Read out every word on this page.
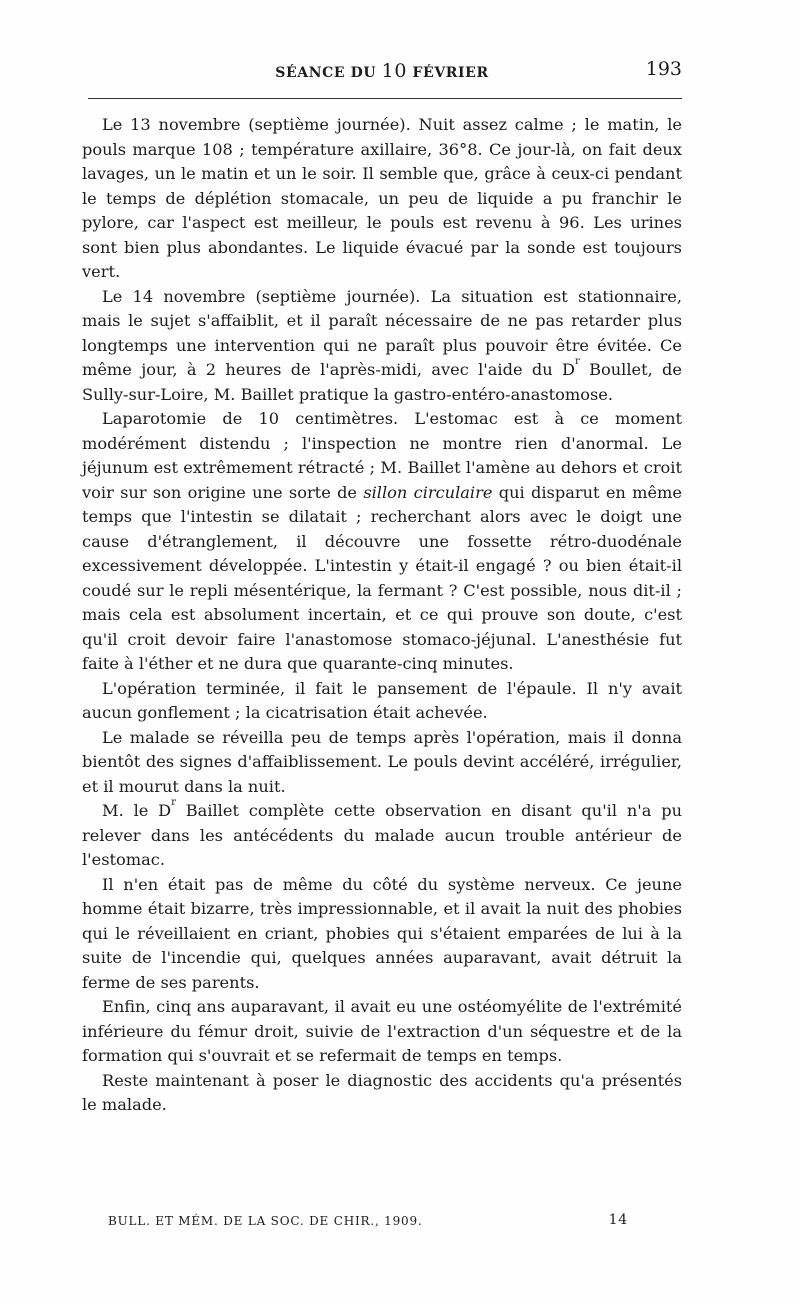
SÉANCE DU 10 FÉVRIER	193

Le 13 novembre (septième journée). Nuit assez calme ; le matin, le pouls marque 108 ; température axillaire, 36°8. Ce jour-là, on fait deux lavages, un le matin et un le soir. Il semble que, grâce à ceux-ci pendant le temps de déplétion stomacale, un peu de liquide a pu franchir le pylore, car l'aspect est meilleur, le pouls est revenu à 96. Les urines sont bien plus abondantes. Le liquide évacué par la sonde est toujours vert.

Le 14 novembre (septième journée). La situation est stationnaire, mais le sujet s'affaiblit, et il paraît nécessaire de ne pas retarder plus longtemps une intervention qui ne paraît plus pouvoir être évitée. Ce même jour, à 2 heures de l'après-midi, avec l'aide du $D^r$ Boullet, de Sully-sur-Loire, M. Baillet pratique la gastro-entéro-anastomose.

Laparotomie de 10 centimètres. L'estomac est à ce moment modérément distendu ; l'inspection ne montre rien d'anormal. Le jéjunum est extrêmement rétracté ; M. Baillet l'amène au dehors et croit voir sur son origine une sorte de sillon circulaire qui disparut en même temps que l'intestin se dilatait ; recherchant alors avec le doigt une cause d'étranglement, il découvre une fossette rétro-duodénale excessivement développée. L'intestin y était-il engagé ? ou bien était-il coudé sur le repli mésentérique, la fermant ? C'est possible, nous dit-il ; mais cela est absolument incertain, et ce qui prouve son doute, c'est qu'il croit devoir faire l'anastomose stomaco-jéjunal. L'anesthésie fut faite à l'éther et ne dura que quarante-cinq minutes.

L'opération terminée, il fait le pansement de l'épaule. Il n'y avait aucun gonflement ; la cicatrisation était achevée.

Le malade se réveilla peu de temps après l'opération, mais il donna bientôt des signes d'affaiblissement. Le pouls devint accéléré, irrégulier, et il mourut dans la nuit.

M. le $D^r$ Baillet complète cette observation en disant qu'il n'a pu relever dans les antécédents du malade aucun trouble antérieur de l'estomac.

Il n'en était pas de même du côté du système nerveux. Ce jeune homme était bizarre, très impressionnable, et il avait la nuit des phobies qui le réveillaient en criant, phobies qui s'étaient emparées de lui à la suite de l'incendie qui, quelques années auparavant, avait détruit la ferme de ses parents.

Enfin, cinq ans auparavant, il avait eu une ostéomyélite de l'extrémité inférieure du fémur droit, suivie de l'extraction d'un séquestre et de la formation qui s'ouvrait et se refermait de temps en temps.

Reste maintenant à poser le diagnostic des accidents qu'a présentés le malade.

BULL. ET MÉM. DE LA SOC. DE CHIR., 1909.	14
